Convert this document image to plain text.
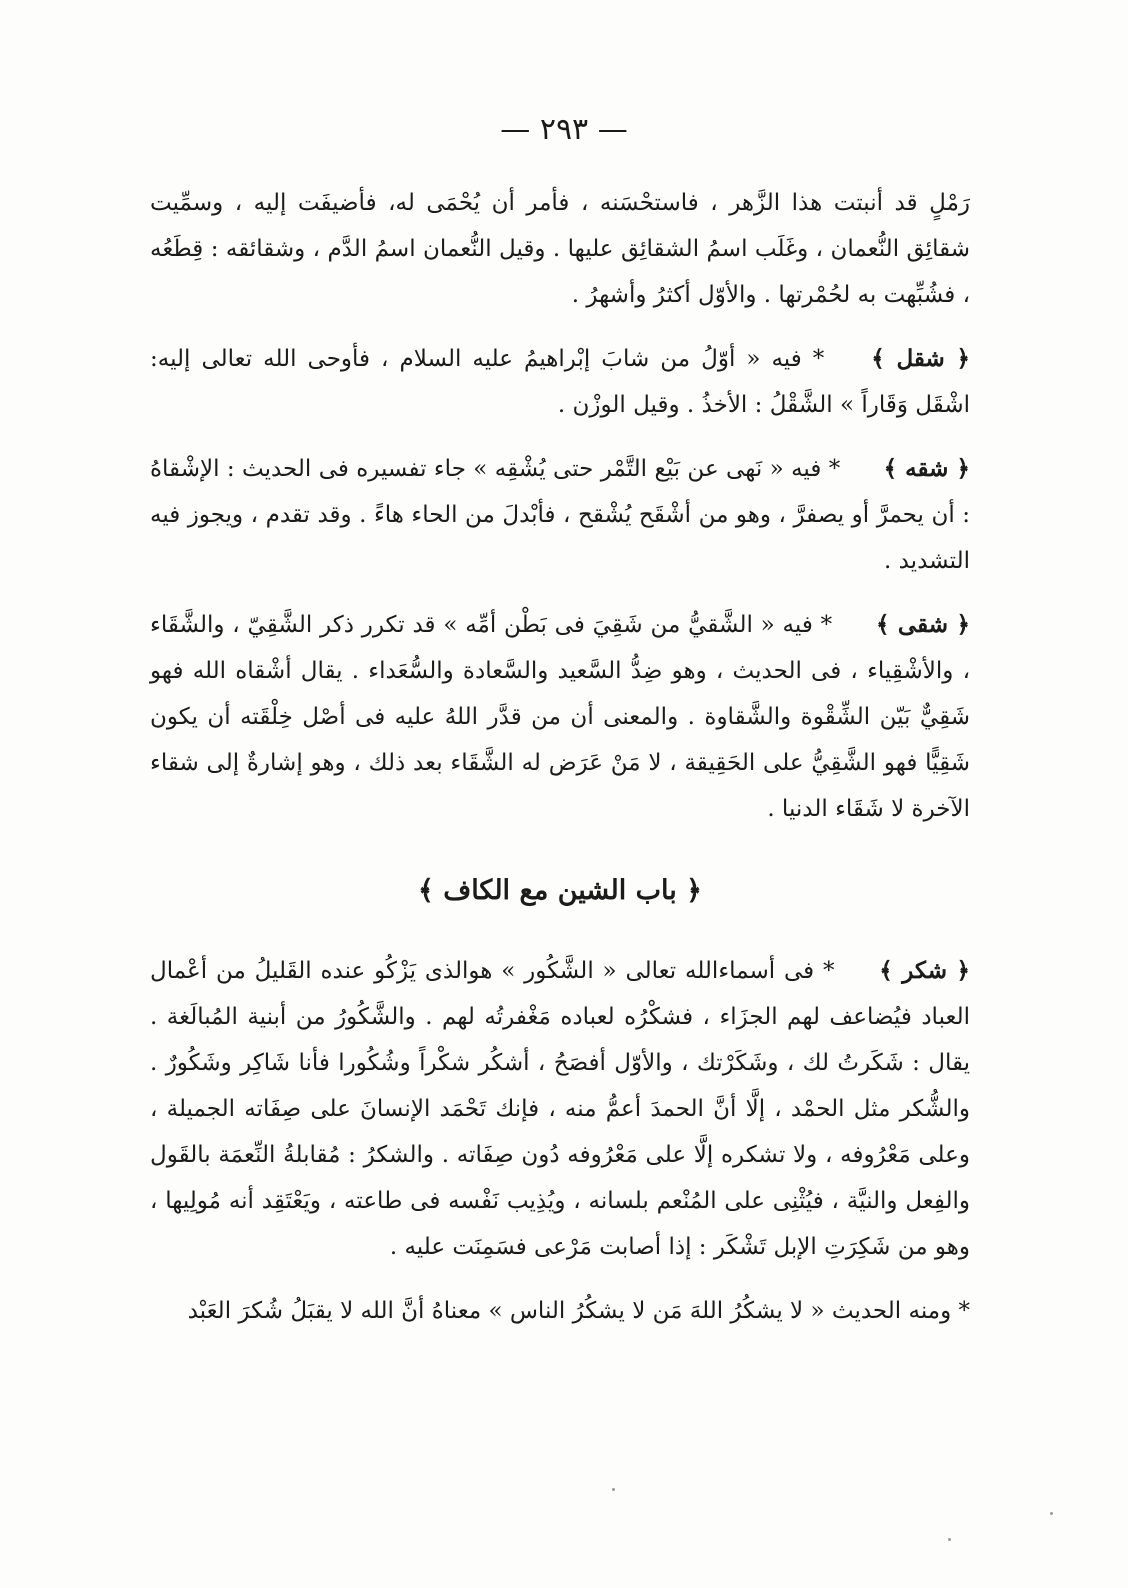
— ٢٩٣ —

رَمْلٍ قد أنبتت هذا الزَّهر ، فاستحْسَنه ، فأمر أن يُحْمَى له، فأضيفَت إليه ، وسمِّيت شقائِق النُّعمان ، وغَلَب اسمُ الشقائِق عليها . وقيل النُّعمان اسمُ الدَّم ، وشقائقه : قِطَعُه ، فشُبِّهت به لحُمْرتها . والأوّل أكثرُ وأشهرُ .

﴿ شقل ﴾ * فيه « أوّلُ من شابَ إبْراهيمُ عليه السلام ، فأوحى الله تعالى إليه: اشْقَل وَقَاراً » الشَّقْلُ : الأخذُ . وقيل الوزْن .

﴿ شقه ﴾ * فيه « نَهى عن بَيْع التَّمْر حتى يُشْقِه » جاء تفسيره فى الحديث : الإشْقاهُ : أن يحمرَّ أو يصفرَّ ، وهو من أشْقَح يُشْقح ، فأبْدلَ من الحاء هاءً . وقد تقدم ، ويجوز فيه التشديد .

﴿ شقى ﴾ * فيه « الشَّقيُّ من شَقِيَ فى بَطْن أمِّه » قد تكرر ذكر الشَّقِيّ ، والشَّقَاء ، والأشْقِياء ، فى الحديث ، وهو ضِدُّ السَّعيد والسَّعادة والسُّعَداء . يقال أشْقاه الله فهو شَقِيٌّ بَيّن الشِّقْوة والشَّقاوة . والمعنى أن من قدَّر اللهُ عليه فى أصْل خِلْقَته أن يكون شَقِيًّا فهو الشَّقِيُّ على الحَقِيقة ، لا مَنْ عَرَض له الشَّقَاء بعد ذلك ، وهو إشارةٌ إلى شقاء الآخرة لا شَقَاء الدنيا .

﴿ باب الشين مع الكاف ﴾

﴿ شكر ﴾ * فى أسماءالله تعالى « الشَّكُور » هوالذى يَزْكُو عنده القَليلُ من أعْمال العباد فيُضاعف لهم الجزَاء ، فشكْرُه لعباده مَغْفرتُه لهم . والشَّكُورُ من أبنية المُبالَغة . يقال : شَكَرتُ لك ، وشَكَرْتك ، والأوّل أفصَحُ ، أشكُر شكْراً وشُكُورا فأنا شَاكِر وشَكُورٌ . والشُّكر مثل الحمْد ، إلَّا أنَّ الحمدَ أعمُّ منه ، فإنك تَحْمَد الإنسانَ على صِفَاته الجميلة ، وعلى مَعْرُوفه ، ولا تشكره إلَّا على مَعْرُوفه دُون صِفَاته . والشكرُ : مُقابلةُ النِّعمَة بالقَول والفِعل والنيَّة ، فيُثْنِى على المُنْعم بلسانه ، ويُذِيب نَفْسه فى طاعته ، ويَعْتَقِد أنه مُولِيها ، وهو من شَكِرَتِ الإبل تَشْكَر : إذا أصابت مَرْعى فسَمِنَت عليه .

* ومنه الحديث « لا يشكُرُ اللهَ مَن لا يشكُرُ الناس » معناهُ أنَّ الله لا يقبَلُ شُكرَ العَبْد
